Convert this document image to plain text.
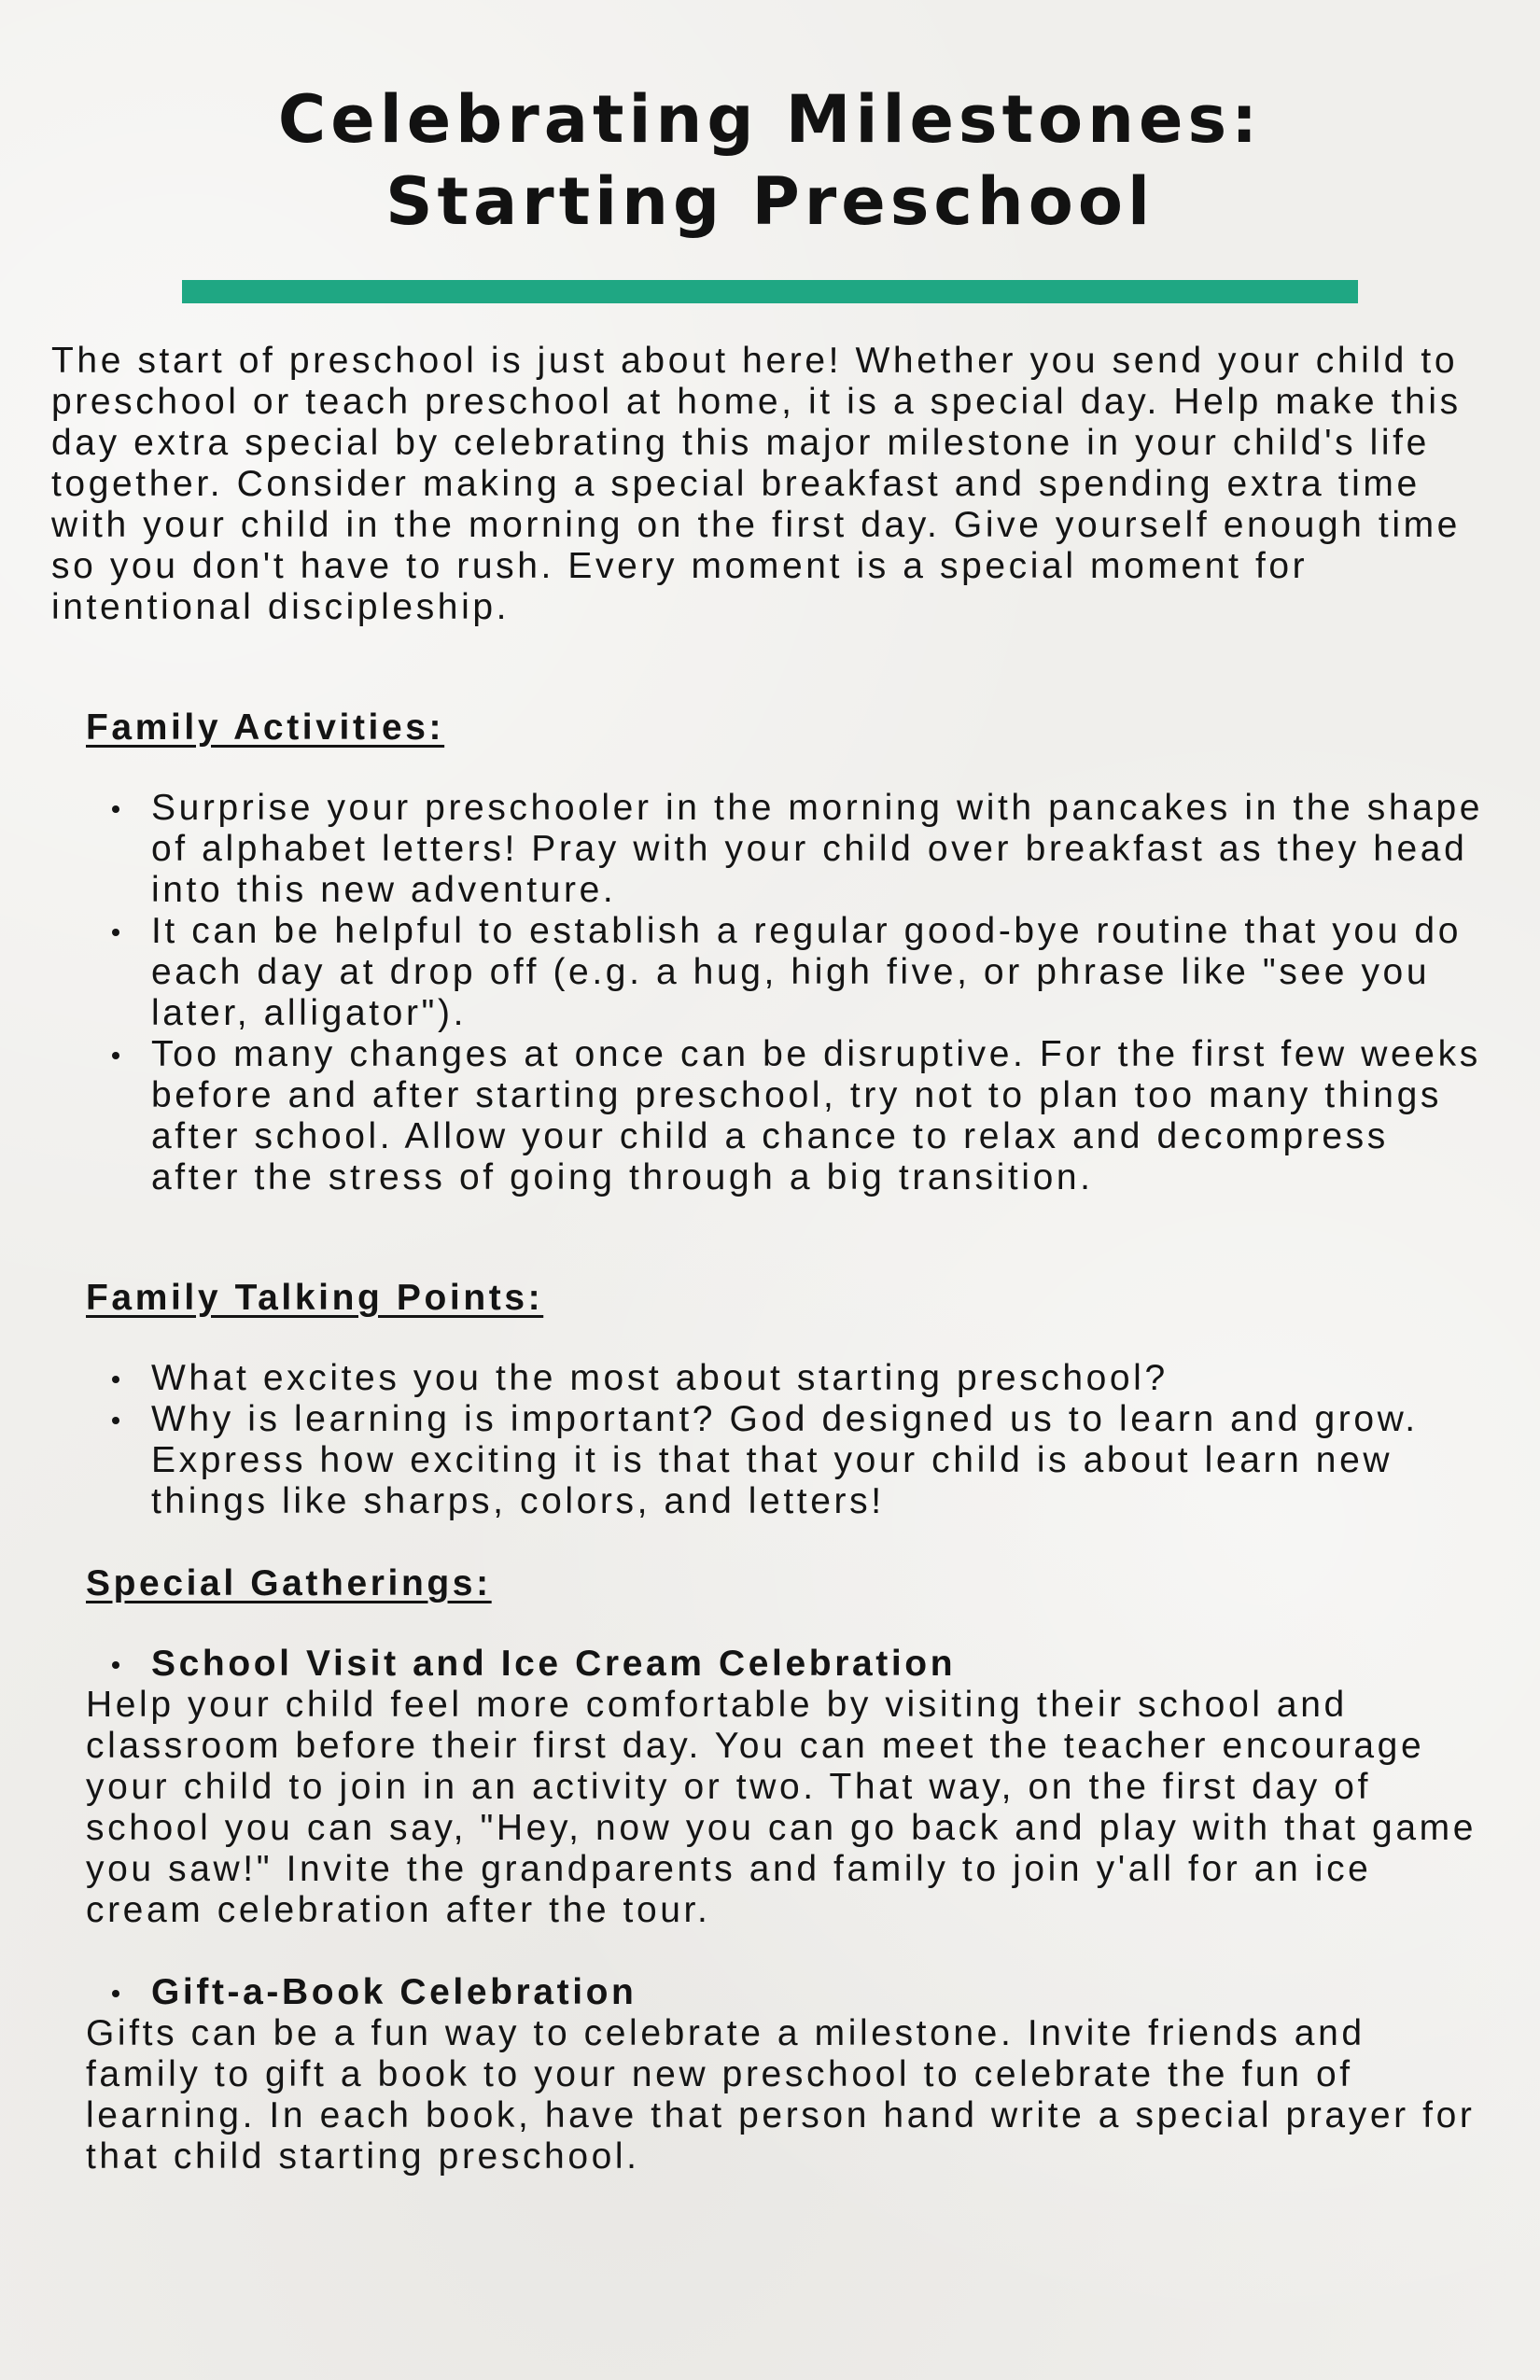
Celebrating Milestones:
Starting Preschool

The start of preschool is just about here! Whether you send your child to preschool or teach preschool at home, it is a special day. Help make this day extra special by celebrating this major milestone in your child's life together. Consider making a special breakfast and spending extra time with your child in the morning on the first day. Give yourself enough time so you don't have to rush. Every moment is a special moment for intentional discipleship.

Family Activities:
Surprise your preschooler in the morning with pancakes in the shape of alphabet letters! Pray with your child over breakfast as they head into this new adventure.
It can be helpful to establish a regular good-bye routine that you do each day at drop off (e.g. a hug, high five, or phrase like "see you later, alligator").
Too many changes at once can be disruptive. For the first few weeks before and after starting preschool, try not to plan too many things after school. Allow your child a chance to relax and decompress after the stress of going through a big transition.
Family Talking Points:
What excites you the most about starting preschool?
Why is learning is important? God designed us to learn and grow. Express how exciting it is that that your child is about learn new things like sharps, colors, and letters!
Special Gatherings:

School Visit and Ice Cream Celebration

Help your child feel more comfortable by visiting their school and classroom before their first day. You can meet the teacher encourage your child to join in an activity or two. That way, on the first day of school you can say, "Hey, now you can go back and play with that game you saw!" Invite the grandparents and family to join y'all for an ice cream celebration after the tour.

Gift-a-Book Celebration

Gifts can be a fun way to celebrate a milestone. Invite friends and family to gift a book to your new preschool to celebrate the fun of learning. In each book, have that person hand write a special prayer for that child starting preschool.
